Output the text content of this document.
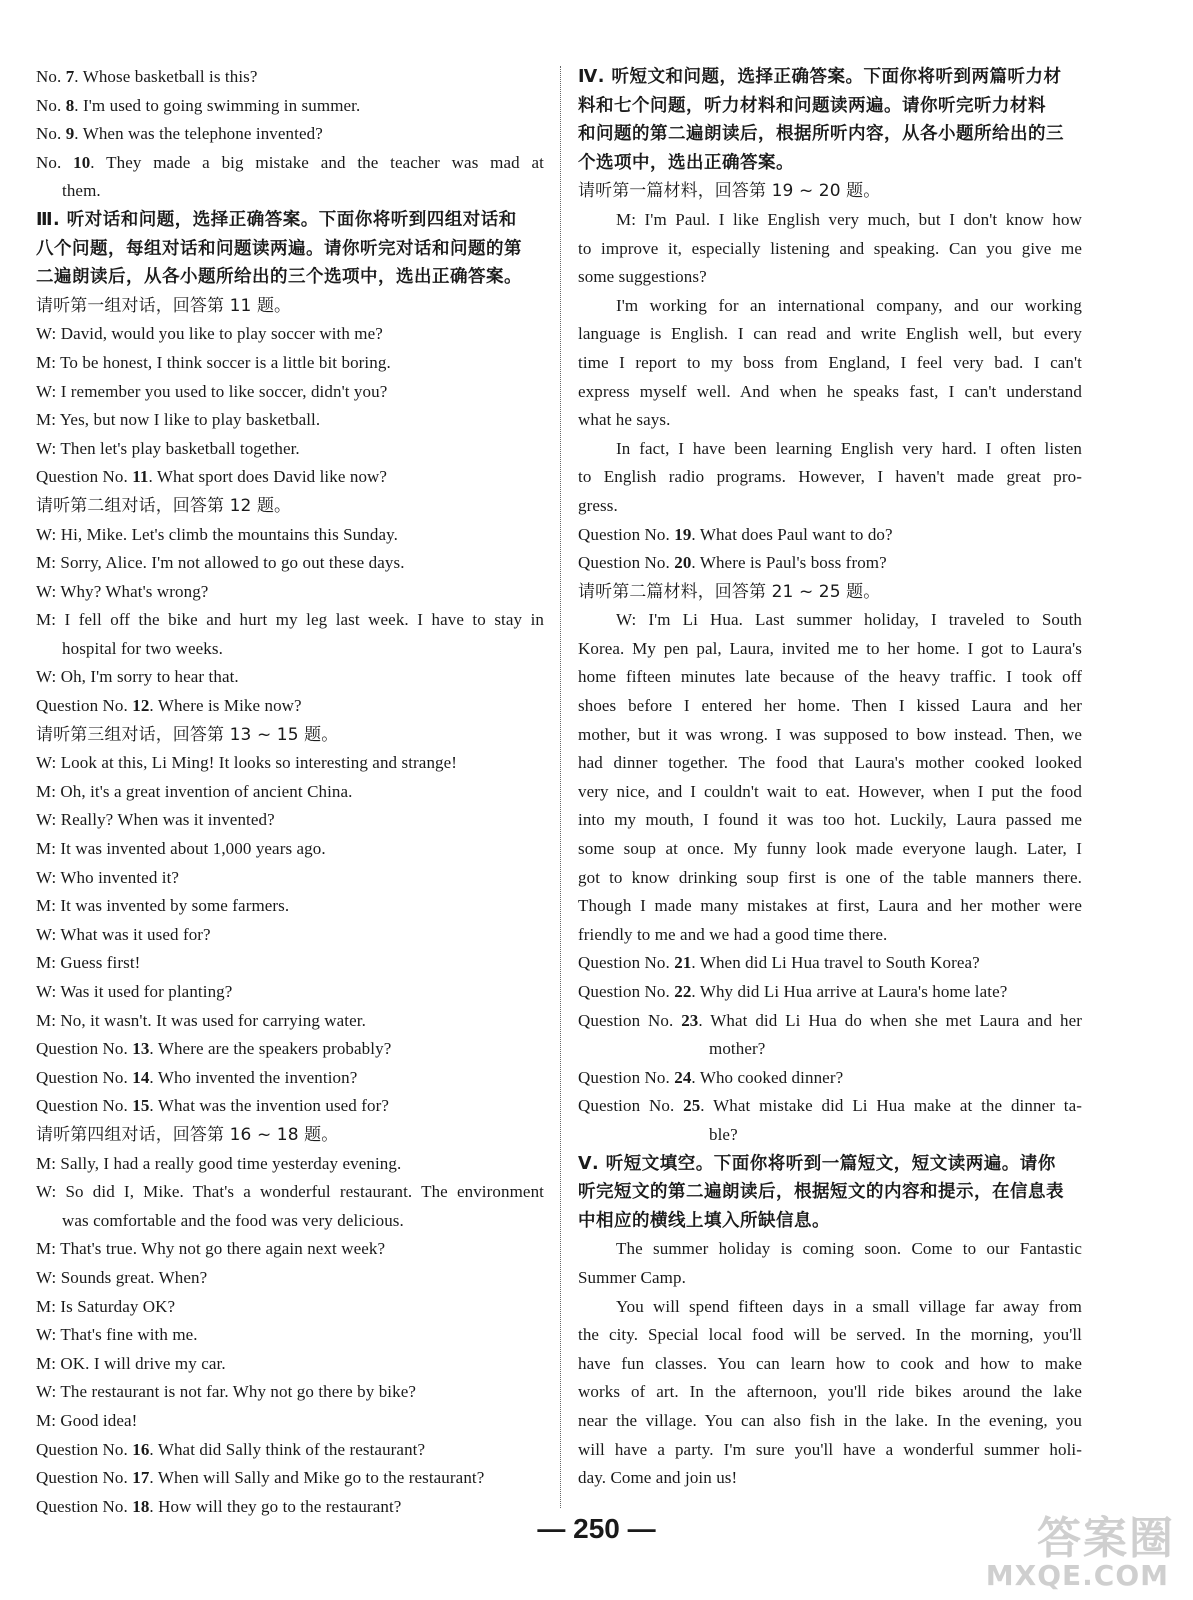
No. 7. Whose basketball is this?
No. 8. I'm used to going swimming in summer.
No. 9. When was the telephone invented?
No. 10. They made a big mistake and the teacher was mad at
them.
Ⅲ. 听对话和问题，选择正确答案。下面你将听到四组对话和
八个问题，每组对话和问题读两遍。请你听完对话和问题的第
二遍朗读后，从各小题所给出的三个选项中，选出正确答案。
请听第一组对话，回答第 11 题。
W: David, would you like to play soccer with me?
M: To be honest, I think soccer is a little bit boring.
W: I remember you used to like soccer, didn't you?
M: Yes, but now I like to play basketball.
W: Then let's play basketball together.
Question No. 11. What sport does David like now?
请听第二组对话，回答第 12 题。
W: Hi, Mike. Let's climb the mountains this Sunday.
M: Sorry, Alice. I'm not allowed to go out these days.
W: Why? What's wrong?
M: I fell off the bike and hurt my leg last week. I have to stay in
hospital for two weeks.
W: Oh, I'm sorry to hear that.
Question No. 12. Where is Mike now?
请听第三组对话，回答第 13 ~ 15 题。
W: Look at this, Li Ming! It looks so interesting and strange!
M: Oh, it's a great invention of ancient China.
W: Really? When was it invented?
M: It was invented about 1,000 years ago.
W: Who invented it?
M: It was invented by some farmers.
W: What was it used for?
M: Guess first!
W: Was it used for planting?
M: No, it wasn't. It was used for carrying water.
Question No. 13. Where are the speakers probably?
Question No. 14. Who invented the invention?
Question No. 15. What was the invention used for?
请听第四组对话，回答第 16 ~ 18 题。
M: Sally, I had a really good time yesterday evening.
W: So did I, Mike. That's a wonderful restaurant. The environment
was comfortable and the food was very delicious.
M: That's true. Why not go there again next week?
W: Sounds great. When?
M: Is Saturday OK?
W: That's fine with me.
M: OK. I will drive my car.
W: The restaurant is not far. Why not go there by bike?
M: Good idea!
Question No. 16. What did Sally think of the restaurant?
Question No. 17. When will Sally and Mike go to the restaurant?
Question No. 18. How will they go to the restaurant?
Ⅳ. 听短文和问题，选择正确答案。下面你将听到两篇听力材
料和七个问题，听力材料和问题读两遍。请你听完听力材料
和问题的第二遍朗读后，根据所听内容，从各小题所给出的三
个选项中，选出正确答案。
请听第一篇材料，回答第 19 ~ 20 题。
M: I'm Paul. I like English very much, but I don't know how
to improve it, especially listening and speaking. Can you give me
some suggestions?
I'm working for an international company, and our working
language is English. I can read and write English well, but every
time I report to my boss from England, I feel very bad. I can't
express myself well. And when he speaks fast, I can't understand
what he says.
In fact, I have been learning English very hard. I often listen
to English radio programs. However, I haven't made great pro-
gress.
Question No. 19. What does Paul want to do?
Question No. 20. Where is Paul's boss from?
请听第二篇材料，回答第 21 ~ 25 题。
W: I'm Li Hua. Last summer holiday, I traveled to South
Korea. My pen pal, Laura, invited me to her home. I got to Laura's
home fifteen minutes late because of the heavy traffic. I took off
shoes before I entered her home. Then I kissed Laura and her
mother, but it was wrong. I was supposed to bow instead. Then, we
had dinner together. The food that Laura's mother cooked looked
very nice, and I couldn't wait to eat. However, when I put the food
into my mouth, I found it was too hot. Luckily, Laura passed me
some soup at once. My funny look made everyone laugh. Later, I
got to know drinking soup first is one of the table manners there.
Though I made many mistakes at first, Laura and her mother were
friendly to me and we had a good time there.
Question No. 21. When did Li Hua travel to South Korea?
Question No. 22. Why did Li Hua arrive at Laura's home late?
Question No. 23. What did Li Hua do when she met Laura and her
mother?
Question No. 24. Who cooked dinner?
Question No. 25. What mistake did Li Hua make at the dinner ta-
ble?
Ⅴ. 听短文填空。下面你将听到一篇短文，短文读两遍。请你
听完短文的第二遍朗读后，根据短文的内容和提示，在信息表
中相应的横线上填入所缺信息。
The summer holiday is coming soon. Come to our Fantastic
Summer Camp.
You will spend fifteen days in a small village far away from
the city. Special local food will be served. In the morning, you'll
have fun classes. You can learn how to cook and how to make
works of art. In the afternoon, you'll ride bikes around the lake
near the village. You can also fish in the lake. In the evening, you
will have a party. I'm sure you'll have a wonderful summer holi-
day. Come and join us!
— 250 —	答案圈
MXQE.COM
